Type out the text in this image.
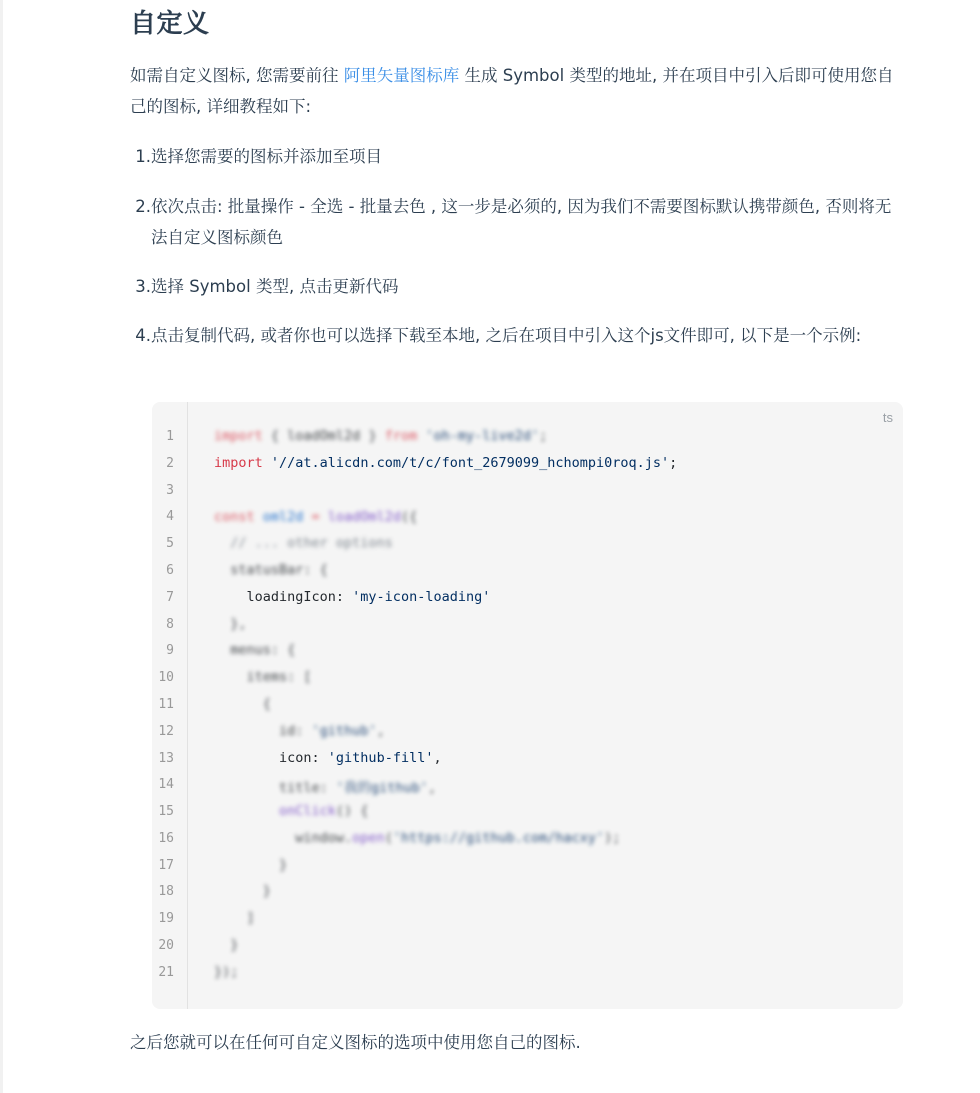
自定义

如需自定义图标, 您需要前往 阿里矢量图标库 生成 Symbol 类型的地址, 并在项目中引入后即可使用您自己的图标, 详细教程如下:

1. 选择您需要的图标并添加至项目
2. 依次点击: 批量操作 - 全选 - 批量去色 , 这一步是必须的, 因为我们不需要图标默认携带颜色, 否则将无法自定义图标颜色
3. 选择 Symbol 类型, 点击更新代码
4. 点击复制代码, 或者你也可以选择下载至本地, 之后在项目中引入这个js文件即可, 以下是一个示例:
ts
1
2
3
4
5
6
7
8
9
10
11
12
13
14
15
16
17
18
19
20
21
import { loadOml2d } from 'oh-my-live2d';
import '//at.alicdn.com/t/c/font_2679099_hchompi0roq.js';
const oml2d = loadOml2d({
// ... other options
statusBar: {
loadingIcon: 'my-icon-loading'
},
menus: {
items: [
{
id: 'github',
icon: 'github-fill',
title: '我的github',
onClick() {
window.open('https://github.com/hacxy');
}
}
]
}
});

之后您就可以在任何可自定义图标的选项中使用您自己的图标.
